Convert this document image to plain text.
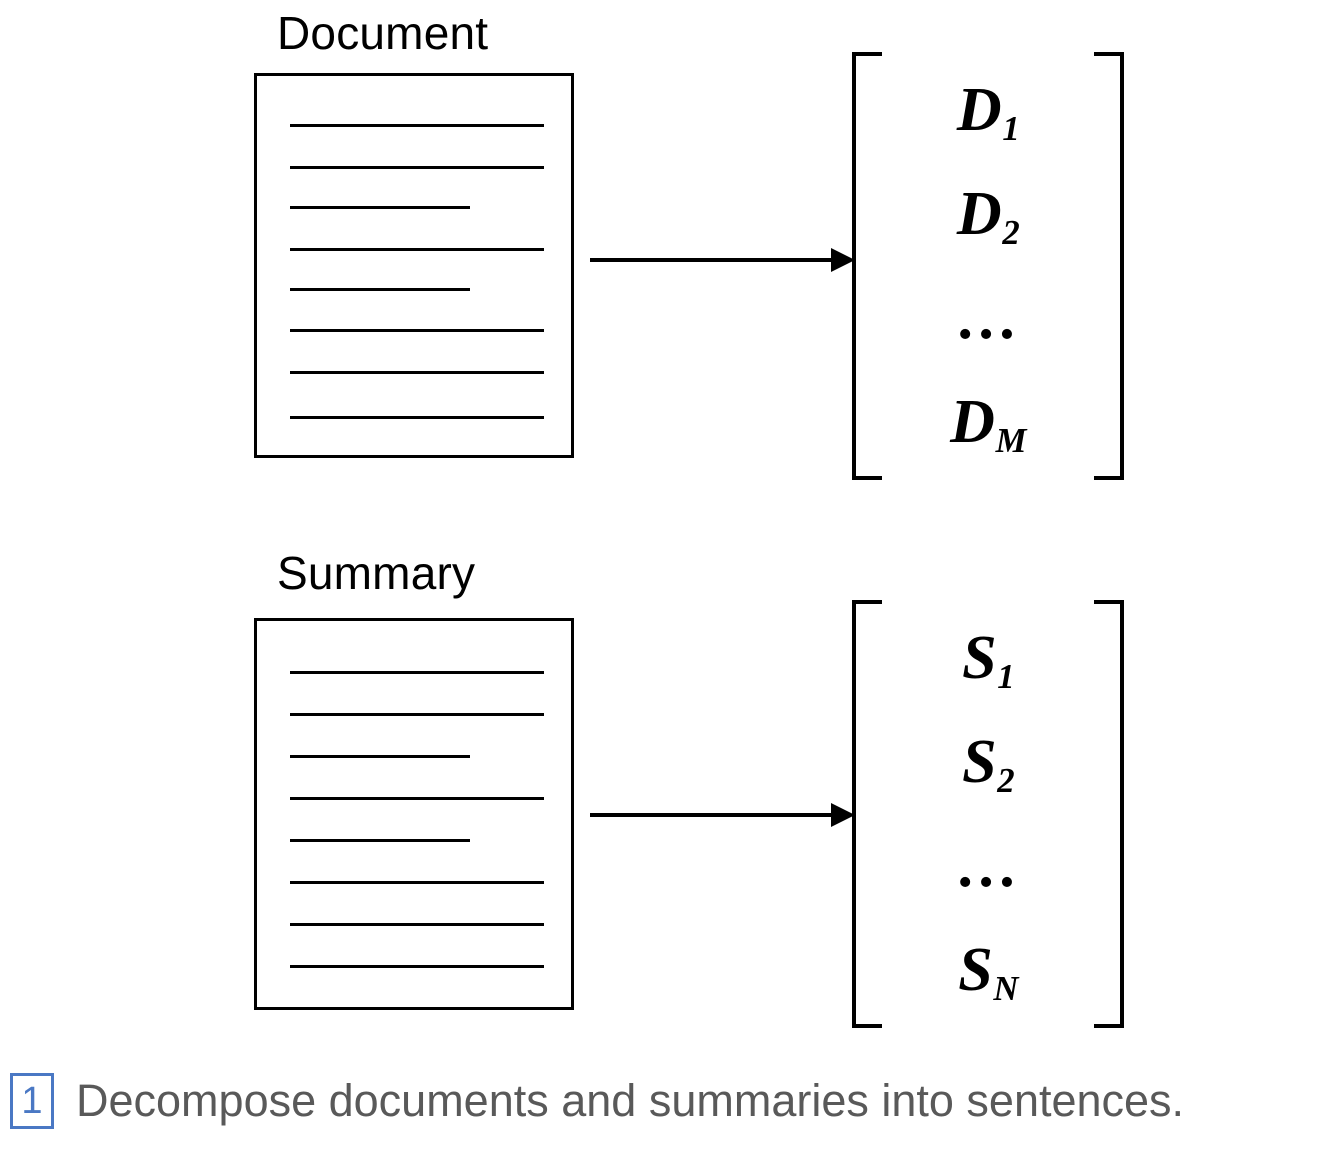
Document
$D_1$
$D_2$
…
$D_M$
Summary
$S_1$
$S_2$
…
$S_N$
1 Decompose documents and summaries into sentences.
